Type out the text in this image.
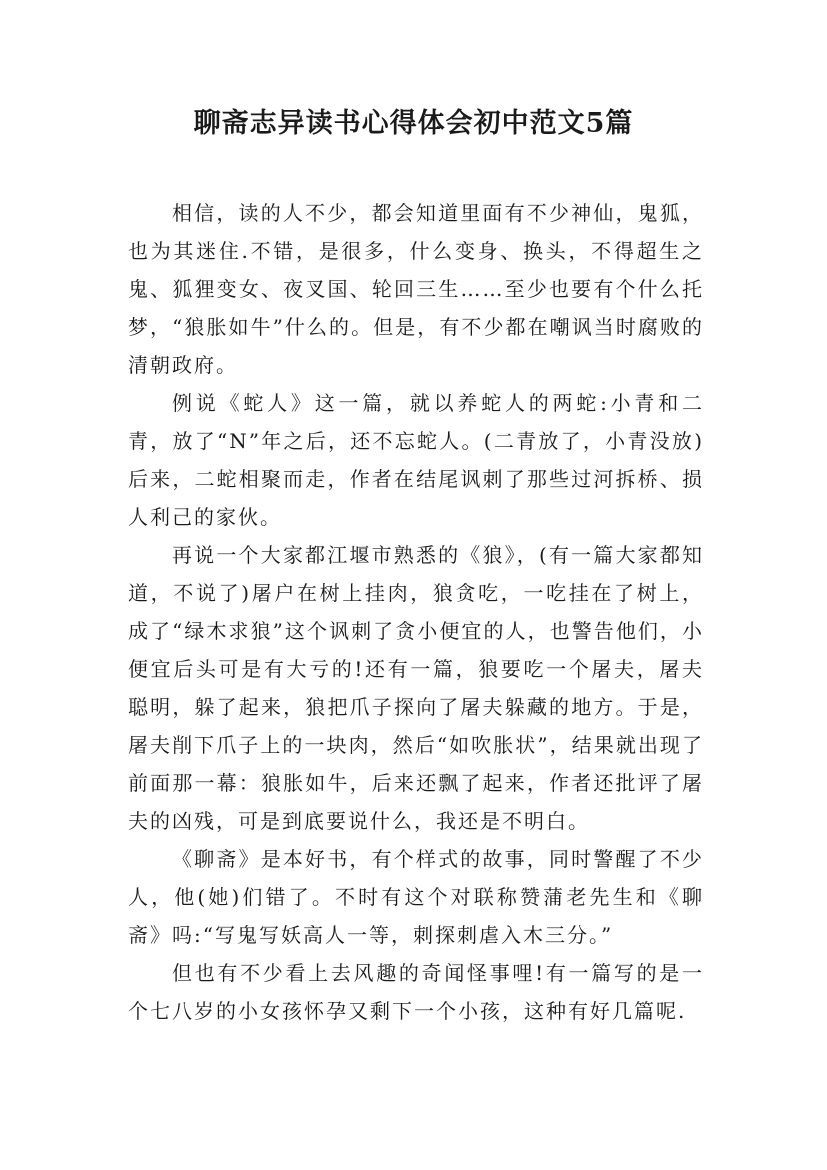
聊斋志异读书心得体会初中范文5篇

相信，读的人不少，都会知道里面有不少神仙，鬼狐，也为其迷住.不错，是很多，什么变身、换头，不得超生之鬼、狐狸变女、夜叉国、轮回三生……至少也要有个什么托梦，“狼胀如牛”什么的。但是，有不少都在嘲讽当时腐败的清朝政府。

例说《蛇人》这一篇，就以养蛇人的两蛇:小青和二青，放了“N”年之后，还不忘蛇人。(二青放了，小青没放)后来，二蛇相聚而走，作者在结尾讽刺了那些过河拆桥、损人利己的家伙。

再说一个大家都江堰市熟悉的《狼》，(有一篇大家都知道，不说了)屠户在树上挂肉，狼贪吃，一吃挂在了树上，成了“绿木求狼”这个讽刺了贪小便宜的人，也警告他们，小便宜后头可是有大亏的!还有一篇，狼要吃一个屠夫，屠夫聪明，躲了起来，狼把爪子探向了屠夫躲藏的地方。于是，屠夫削下爪子上的一块肉，然后“如吹胀状”，结果就出现了前面那一幕：狼胀如牛，后来还飘了起来，作者还批评了屠夫的凶残，可是到底要说什么，我还是不明白。

《聊斋》是本好书，有个样式的故事，同时警醒了不少人，他(她)们错了。不时有这个对联称赞蒲老先生和《聊斋》吗:“写鬼写妖高人一等，刺探刺虐入木三分。”

但也有不少看上去风趣的奇闻怪事哩!有一篇写的是一个七八岁的小女孩怀孕又剩下一个小孩，这种有好几篇呢.
